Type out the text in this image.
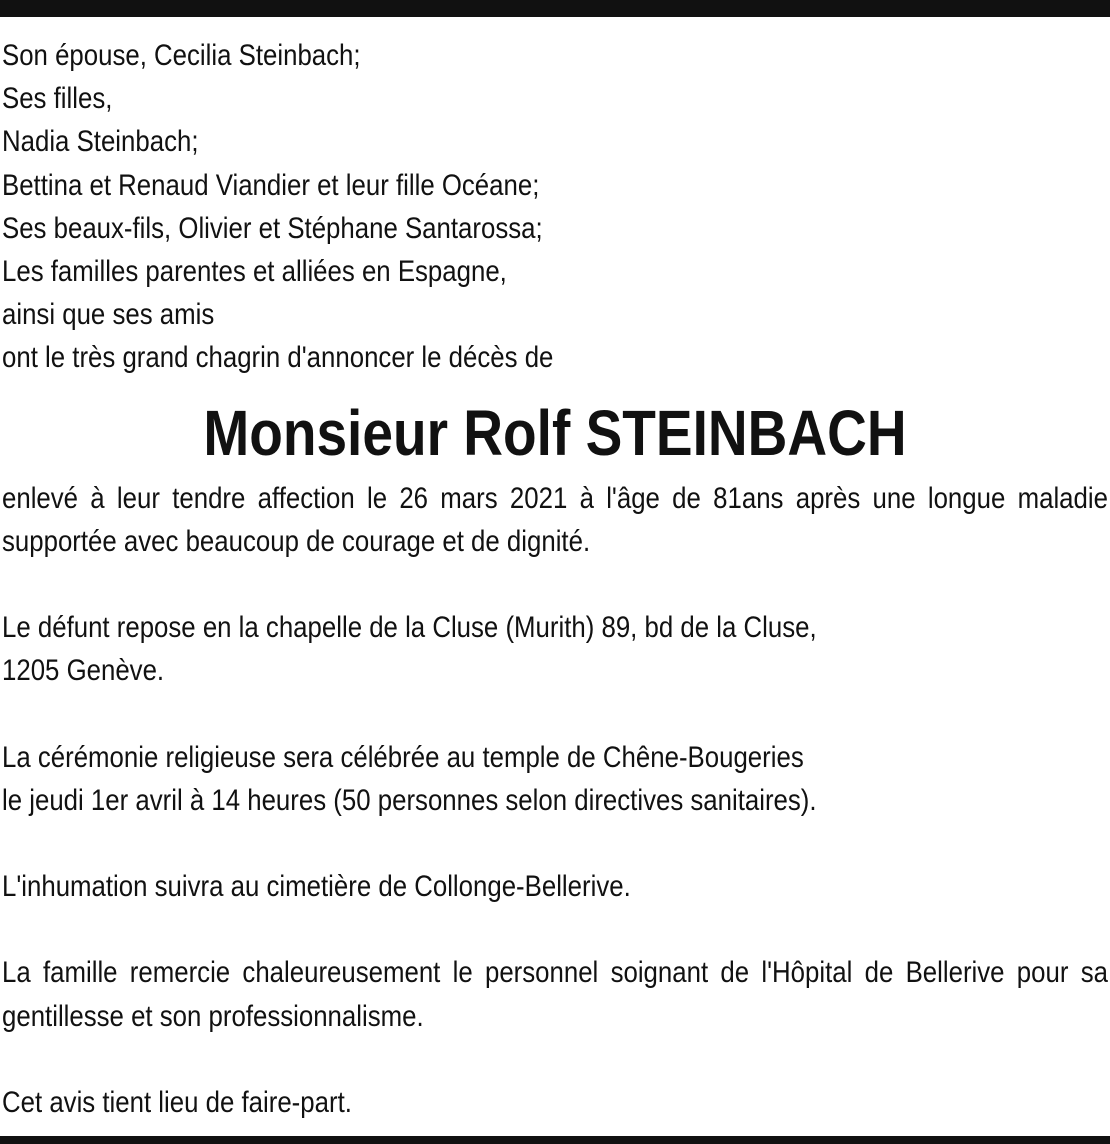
Son épouse, Cecilia Steinbach;
Ses filles,
Nadia Steinbach;
Bettina et Renaud Viandier et leur fille Océane;
Ses beaux-fils, Olivier et Stéphane Santarossa;
Les familles parentes et alliées en Espagne,
ainsi que ses amis
ont le très grand chagrin d'annoncer le décès de
Monsieur Rolf STEINBACH

enlevé à leur tendre affection le 26 mars 2021 à l'âge de 81ans après une longue maladie supportée avec beaucoup de courage et de dignité.

Le défunt repose en la chapelle de la Cluse (Murith) 89, bd de la Cluse,
1205 Genève.
La cérémonie religieuse sera célébrée au temple de Chêne-Bougeries
le jeudi 1er avril à 14 heures (50 personnes selon directives sanitaires).
L'inhumation suivra au cimetière de Collonge-Bellerive.

La famille remercie chaleureusement le personnel soignant de l'Hôpital de Bellerive pour sa gentillesse et son professionnalisme.

Cet avis tient lieu de faire-part.
